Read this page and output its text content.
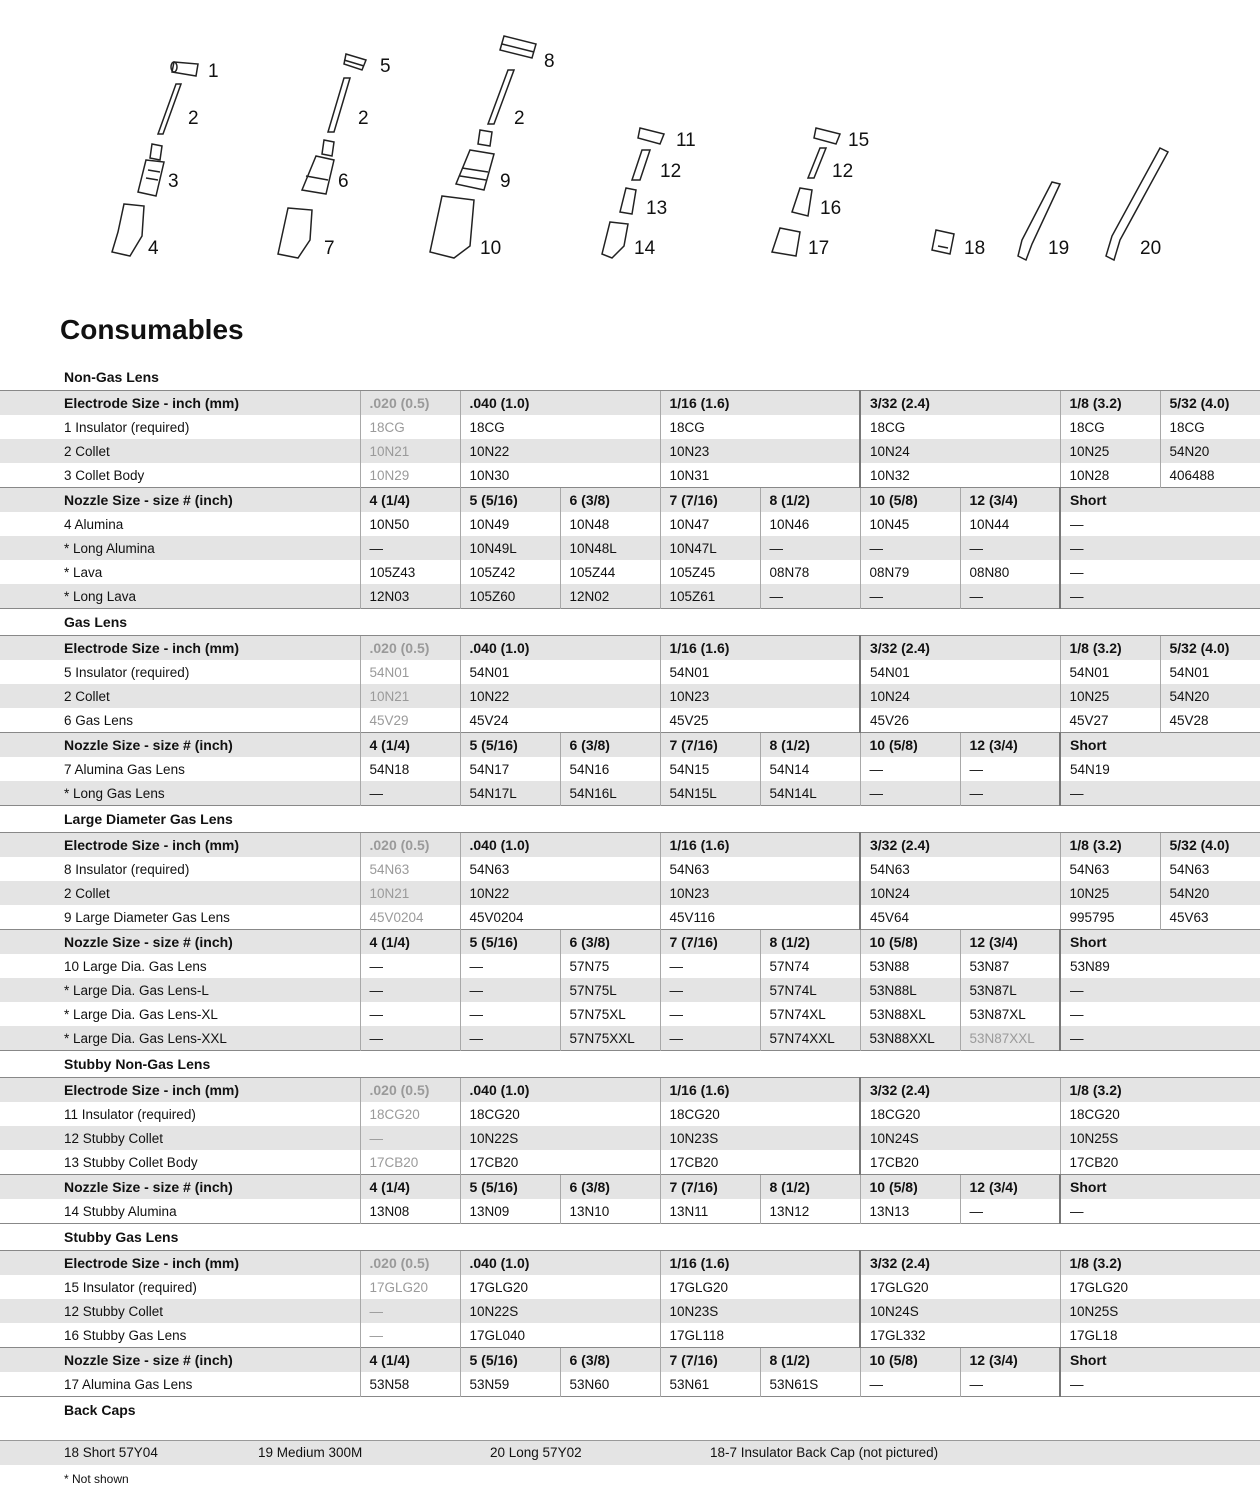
1
2
3
4
5
2
6
7
8
2
9
10
11
12
13
14
15
12
16
17	18	19	20
Consumables
Non-Gas Lens									
Electrode Size - inch (mm)	.020 (0.5)	.040 (1.0)		1/16 (1.6)		3/32 (2.4)		1/8 (3.2)	5/32 (4.0)
1 Insulator (required)	18CG	18CG		18CG		18CG		18CG	18CG
2 Collet	10N21	10N22		10N23		10N24		10N25	54N20
3 Collet Body	10N29	10N30		10N31		10N32		10N28	406488
Nozzle Size - size # (inch)	4 (1/4)	5 (5/16)	6 (3/8)	7 (7/16)	8 (1/2)	10 (5/8)	12 (3/4)	Short	
4 Alumina	10N50	10N49	10N48	10N47	10N46	10N45	10N44	—	
* Long Alumina	—	10N49L	10N48L	10N47L	—	—	—	—	
* Lava	105Z43	105Z42	105Z44	105Z45	08N78	08N79	08N80	—	
* Long Lava	12N03	105Z60	12N02	105Z61	—	—	—	—	
Gas Lens									
Electrode Size - inch (mm)	.020 (0.5)	.040 (1.0)		1/16 (1.6)		3/32 (2.4)		1/8 (3.2)	5/32 (4.0)
5 Insulator (required)	54N01	54N01		54N01		54N01		54N01	54N01
2 Collet	10N21	10N22		10N23		10N24		10N25	54N20
6 Gas Lens	45V29	45V24		45V25		45V26		45V27	45V28
Nozzle Size - size # (inch)	4 (1/4)	5 (5/16)	6 (3/8)	7 (7/16)	8 (1/2)	10 (5/8)	12 (3/4)	Short	
7 Alumina Gas Lens	54N18	54N17	54N16	54N15	54N14	—	—	54N19	
* Long Gas Lens	—	54N17L	54N16L	54N15L	54N14L	—	—	—	
Large Diameter Gas Lens									
Electrode Size - inch (mm)	.020 (0.5)	.040 (1.0)		1/16 (1.6)		3/32 (2.4)		1/8 (3.2)	5/32 (4.0)
8 Insulator (required)	54N63	54N63		54N63		54N63		54N63	54N63
2 Collet	10N21	10N22		10N23		10N24		10N25	54N20
9 Large Diameter Gas Lens	45V0204	45V0204		45V116		45V64		995795	45V63
Nozzle Size - size # (inch)	4 (1/4)	5 (5/16)	6 (3/8)	7 (7/16)	8 (1/2)	10 (5/8)	12 (3/4)	Short	
10 Large Dia. Gas Lens	—	—	57N75	—	57N74	53N88	53N87	53N89	
* Large Dia. Gas Lens-L	—	—	57N75L	—	57N74L	53N88L	53N87L	—	
* Large Dia. Gas Lens-XL	—	—	57N75XL	—	57N74XL	53N88XL	53N87XL	—	
* Large Dia. Gas Lens-XXL	—	—	57N75XXL	—	57N74XXL	53N88XXL	53N87XXL	—	
Stubby Non-Gas Lens									
Electrode Size - inch (mm)	.020 (0.5)	.040 (1.0)		1/16 (1.6)		3/32 (2.4)		1/8 (3.2)	
11 Insulator (required)	18CG20	18CG20		18CG20		18CG20		18CG20	
12 Stubby Collet	—	10N22S		10N23S		10N24S		10N25S	
13 Stubby Collet Body	17CB20	17CB20		17CB20		17CB20		17CB20	
Nozzle Size - size # (inch)	4 (1/4)	5 (5/16)	6 (3/8)	7 (7/16)	8 (1/2)	10 (5/8)	12 (3/4)	Short	
14 Stubby Alumina	13N08	13N09	13N10	13N11	13N12	13N13	—	—	
Stubby Gas Lens									
Electrode Size - inch (mm)	.020 (0.5)	.040 (1.0)		1/16 (1.6)		3/32 (2.4)		1/8 (3.2)	
15 Insulator (required)	17GLG20	17GLG20		17GLG20		17GLG20		17GLG20	
12 Stubby Collet	—	10N22S		10N23S		10N24S		10N25S	
16 Stubby Gas Lens	—	17GL040		17GL118		17GL332		17GL18	
Nozzle Size - size # (inch)	4 (1/4)	5 (5/16)	6 (3/8)	7 (7/16)	8 (1/2)	10 (5/8)	12 (3/4)	Short	
17 Alumina Gas Lens	53N58	53N59	53N60	53N61	53N61S	—	—	—	
Back Caps									
18 Short 57Y04	19 Medium 300M	20 Long 57Y02	18-7 Insulator Back Cap (not pictured)
* Not shown
